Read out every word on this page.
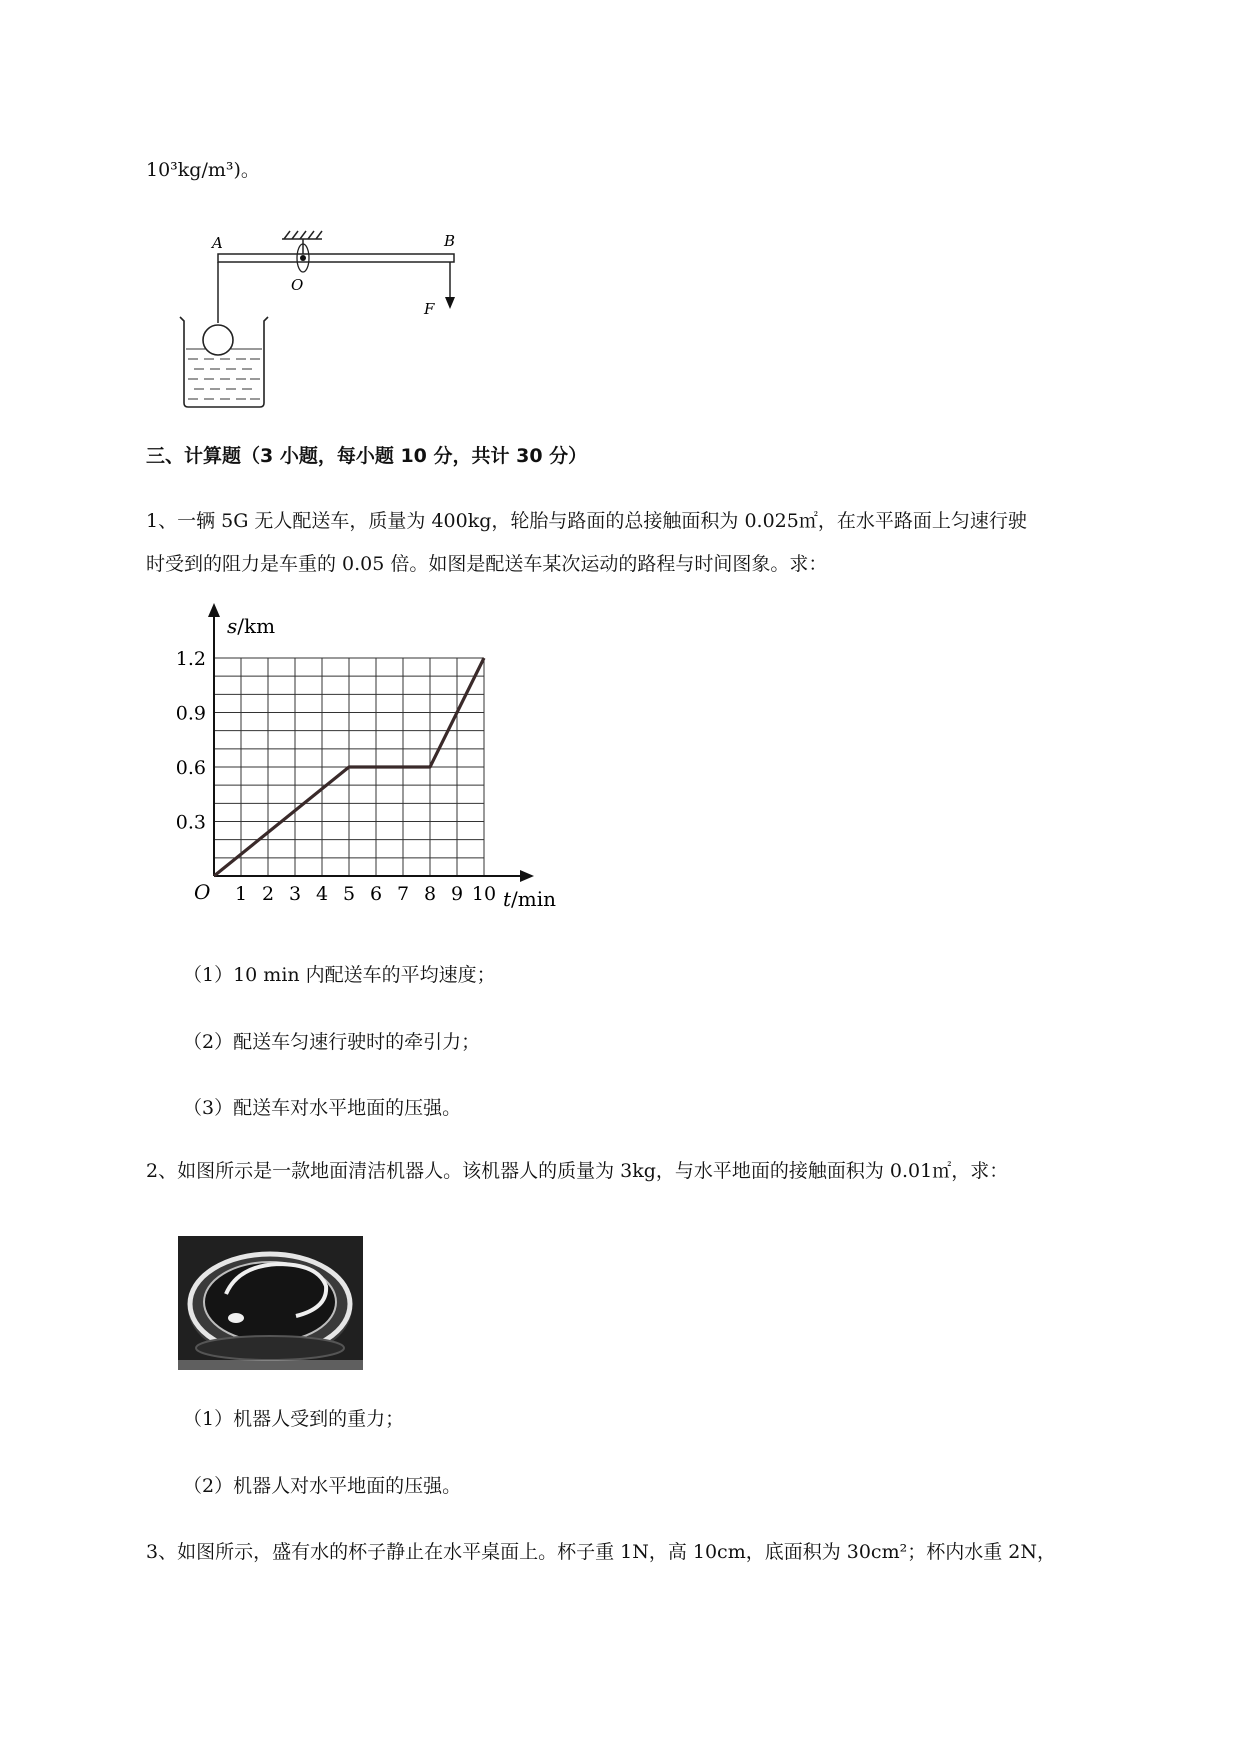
10³kg/m³)。
A	B
O
F
三、计算题（3 小题，每小题 10 分，共计 30 分）
1、一辆 5G 无人配送车，质量为 400kg，轮胎与路面的总接触面积为 0.025㎡，在水平路面上匀速行驶
时受到的阻力是车重的 0.05 倍。如图是配送车某次运动的路程与时间图象。求：
1 2 3 4 5 6 7 8 9 10
0.3
0.6
0.9
1.2
O
s/km
t/min
（1）10 min 内配送车的平均速度；
（2）配送车匀速行驶时的牵引力；
（3）配送车对水平地面的压强。
2、如图所示是一款地面清洁机器人。该机器人的质量为 3kg，与水平地面的接触面积为 0.01㎡，求：
（1）机器人受到的重力；
（2）机器人对水平地面的压强。
3、如图所示，盛有水的杯子静止在水平桌面上。杯子重 1N，高 10cm，底面积为 30cm²；杯内水重 2N，
